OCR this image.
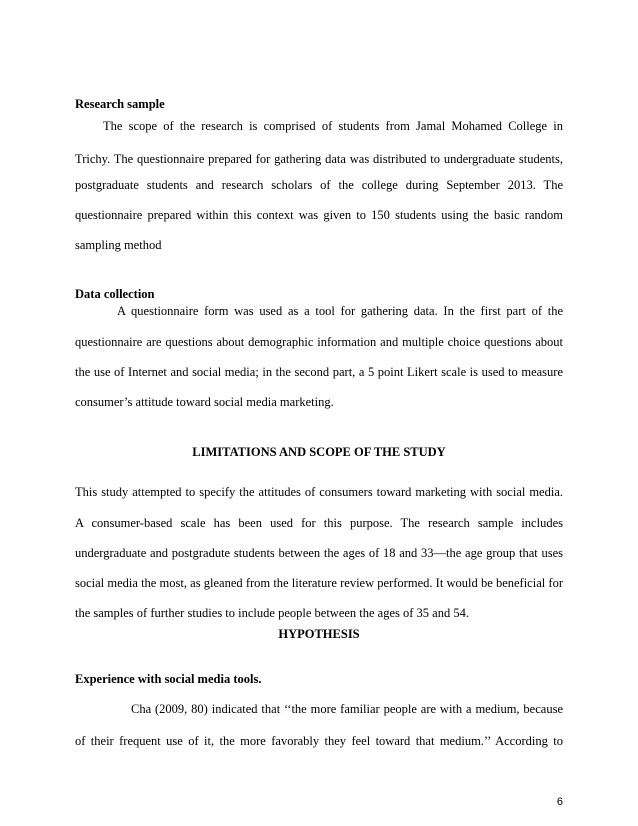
Research sample
The scope of the research is comprised of students from Jamal Mohamed College in
Trichy. The questionnaire prepared for gathering data was distributed to undergraduate students,
postgraduate students and research scholars of the college during September 2013. The
questionnaire prepared within this context was given to 150 students using the basic random
sampling method
Data collection
A questionnaire form was used as a tool for gathering data. In the first part of the
questionnaire are questions about demographic information and multiple choice questions about
the use of Internet and social media; in the second part, a 5 point Likert scale is used to measure
consumer’s attitude toward social media marketing.
LIMITATIONS AND SCOPE OF THE STUDY
This study attempted to specify the attitudes of consumers toward marketing with social media.
A consumer-based scale has been used for this purpose. The research sample includes
undergraduate and postgradute students between the ages of 18 and 33—the age group that uses
social media the most, as gleaned from the literature review performed. It would be beneficial for
the samples of further studies to include people between the ages of 35 and 54.
HYPOTHESIS
Experience with social media tools.
Cha (2009, 80) indicated that ‘‘the more familiar people are with a medium, because
of their frequent use of it, the more favorably they feel toward that medium.’’ According to
6
